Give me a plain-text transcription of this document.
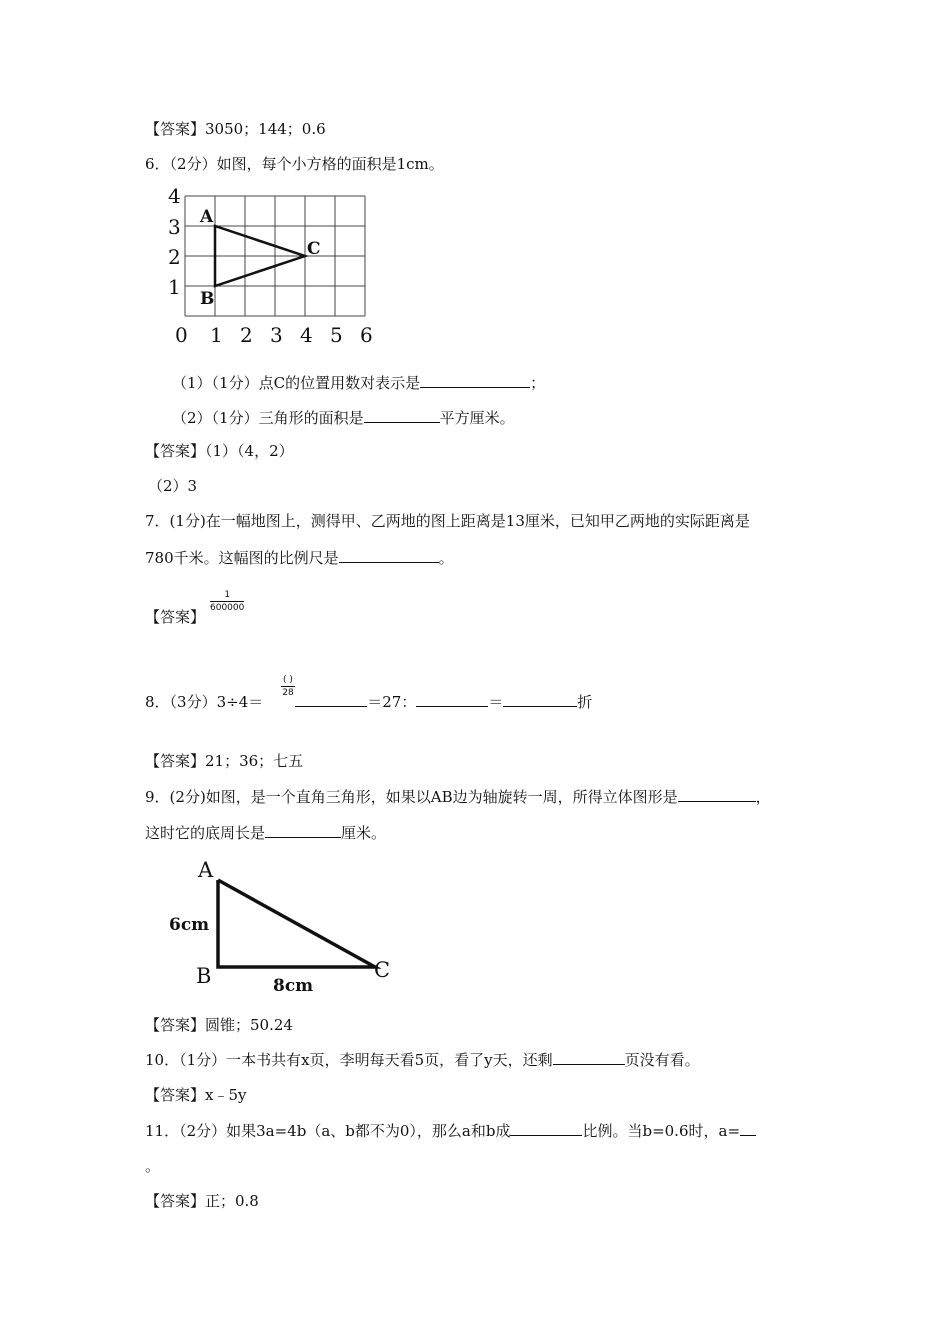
【答案】3050；144；0.6
6．（2分）如图，每个小方格的面积是1cm。
4
3
2
1
0 1 2 3 4 5 6
A
B
C
（1）（1分）点C的位置用数对表示是	；
（2）（1分）三角形的面积是	平方厘米。
【答案】（1）（4，2）
（2）3
7．(1分)在一幅地图上，测得甲、乙两地的图上距离是13厘米，已知甲乙两地的实际距离是
780千米。这幅图的比例尺是	。
【答案】
$\frac{1}{600000}$
8．（3分）3÷4＝	＝27：	＝	折
( )
28
【答案】21；36；七五
9．(2分)如图，是一个直角三角形，如果以AB边为轴旋转一周，所得立体图形是	，
这时它的底周长是	厘米。
A
B	C
6cm
8cm
【答案】圆锥；50.24
10．（1分）一本书共有x页，李明每天看5页，看了y天，还剩	页没有看。
【答案】x﹣5y
11．（2分）如果3a=4b（a、b都不为0），那么a和b成	比例。当b=0.6时，a=
。
【答案】正；0.8
